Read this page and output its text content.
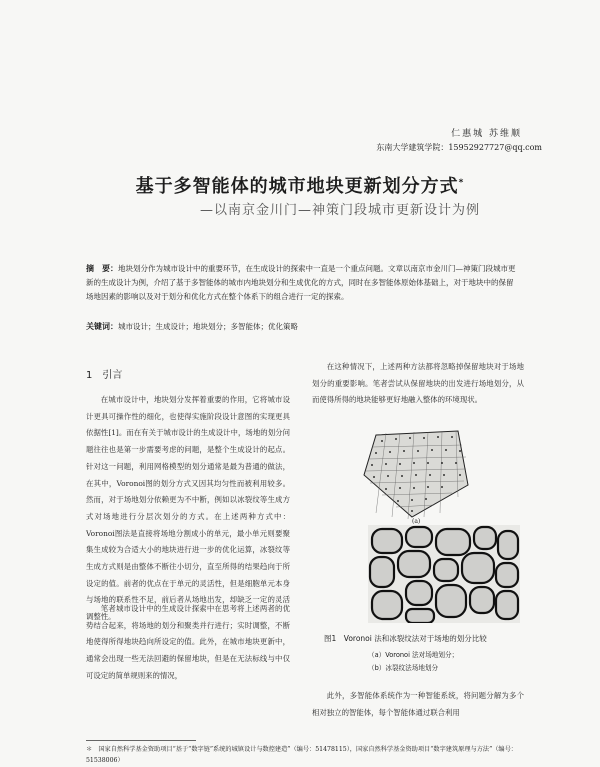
仁惠城 苏维顺
东南大学建筑学院：15952927727@qq.com
基于多智能体的城市地块更新划分方式*
—以南京金川门—神策门段城市更新设计为例
摘　要：地块划分作为城市设计中的重要环节，在生成设计的探索中一直是一个重点问题。文章以南京市金川门—神策门段城市更新的生成设计为例，介绍了基于多智能体的城市内地块划分和生成优化的方式，同时在多智能体原始体基础上，对于地块中的保留场地因素的影响以及对于划分和优化方式在整个体系下的组合进行一定的探索。
关键词：城市设计；生成设计；地块划分；多智能体；优化策略
1　 引言

在城市设计中，地块划分发挥着重要的作用，它将城市设计更具可操作性的细化，也使得实施阶段设计意图的实现更具依据性[1]。而在有关于城市设计的生成设计中，场地的划分问题往往也是第一步需要考虑的问题，是整个生成设计的起点。针对这一问题，利用网格模型的划分通常是最为普通的做法，在其中，Voronoi图的划分方式又因其均匀性而被利用较多。然而，对于场地划分依赖更为不中断，例如以冰裂纹等生成方式对场地进行分层次划分的方式。在上述两种方式中：Voronoi图法是直接将场地分割成小的单元，最小单元则要聚集生成较为合适大小的地块进行进一步的优化运算，冰裂纹等生成方式则是由整体不断往小切分，直至所得的结果趋向于所设定的值。前者的优点在于单元的灵活性，但是细胞单元本身与场地的联系性不足，前后者从场地出发，却缺乏一定的灵活调整性。

笔者城市设计中的生成设计探索中在思考将上述两者的优势结合起来，将场地的划分和聚类并行进行；实时调整，不断地使得所得地块趋向所设定的值。此外，在城市地块更新中，通常会出现一些无法回避的保留地块，但是在无法标线与中仅可设定的简单规则来的情况，

在这种情况下，上述两种方法都将忽略掉保留地块对于场地划分的重要影响。笔者尝试从保留地块的出发进行场地划分，从而使得所得的地块能够更好地融入整体的环境现状。

(a)
图1　Voronoi 法和冰裂纹法对于场地的划分比较
（a）Voronoi 法对场地划分；
（b）冰裂纹法场地划分

此外，多智能体系统作为一种智能系统，将问题分解为多个相对独立的智能体，每个智能体通过联合利用

＊　国家自然科学基金资助项目“基于“数字链”系统的城镇设计与数控建造”（编号：51478115），国家自然科学基金资助项目“数字建筑原理与方法”（编号：51538006）
